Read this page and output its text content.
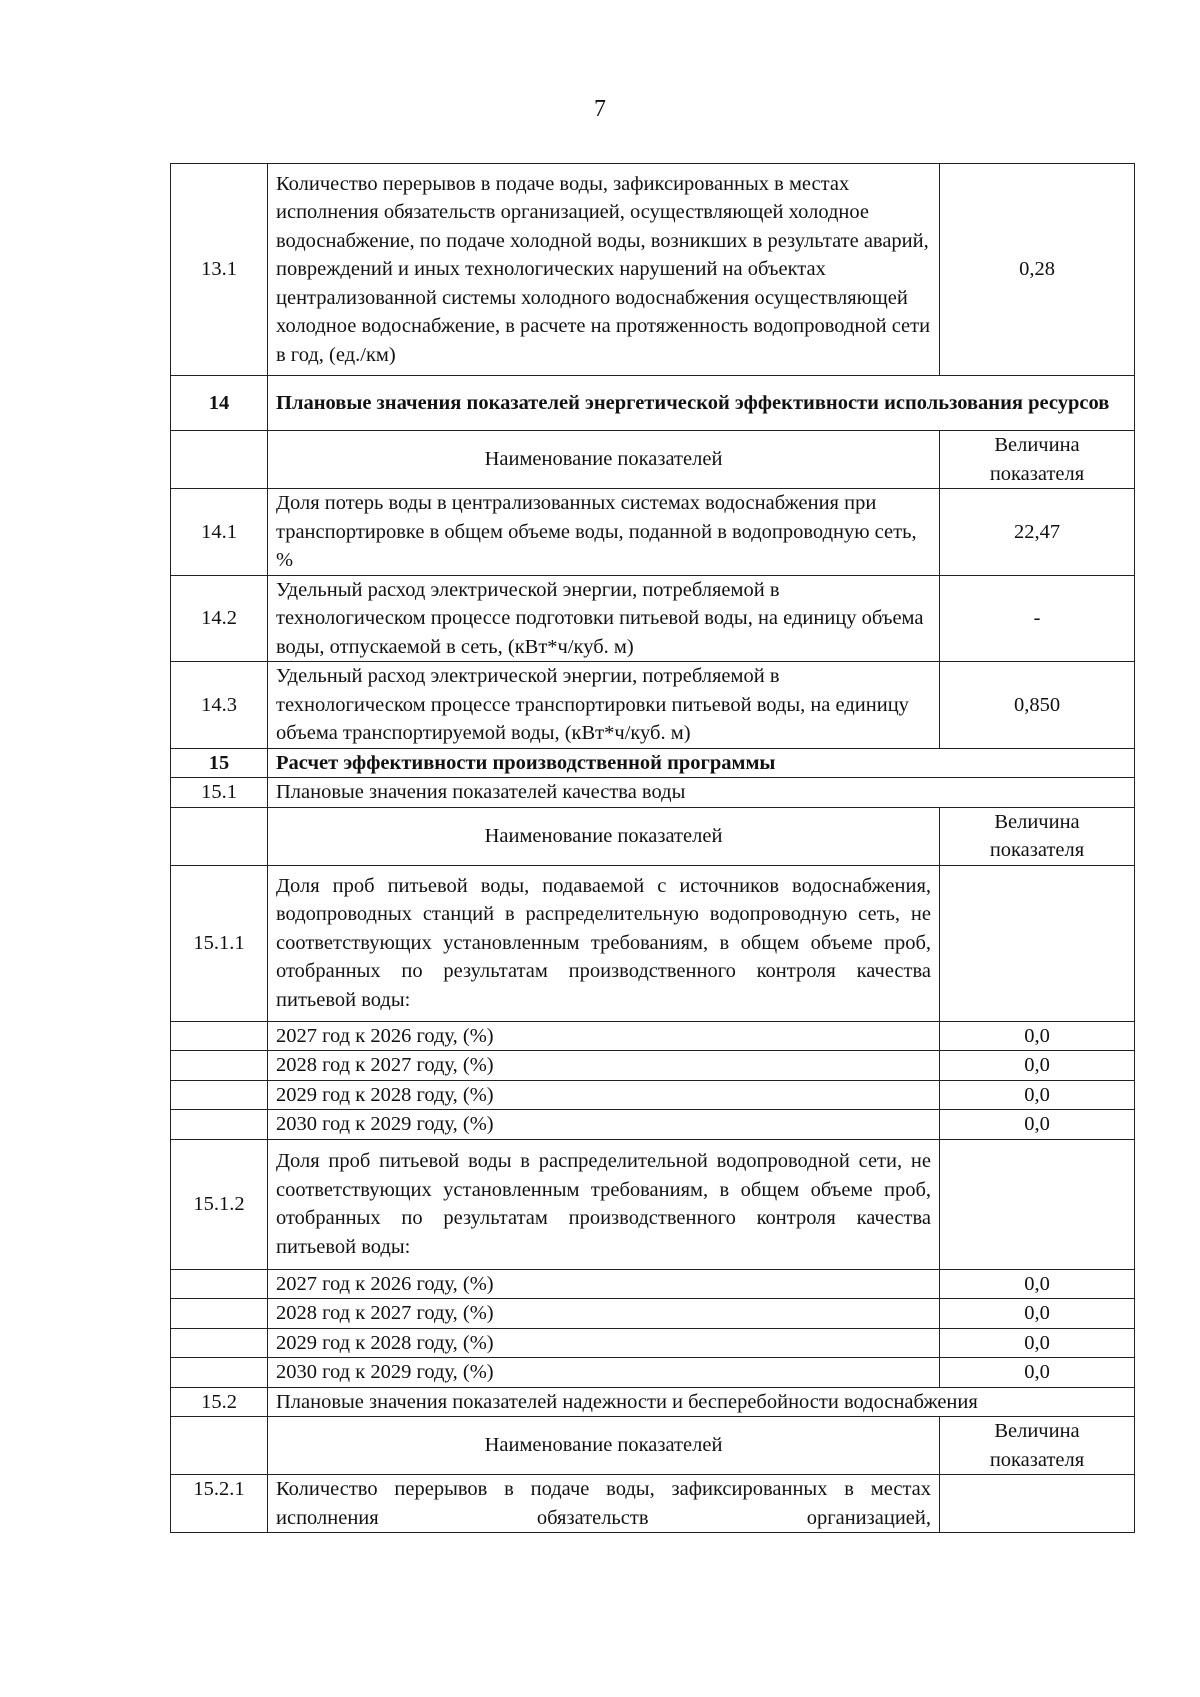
7
13.1	Количество перерывов в подаче воды, зафиксированных в местах исполнения обязательств организацией, осуществляющей холодное водоснабжение, по подаче холодной воды, возникших в результате аварий, повреждений и иных технологических нарушений на объектах централизованной системы холодного водоснабжения осуществляющей холодное водоснабжение, в расчете на протяженность водопроводной сети в год, (ед./км)	0,28
14	Плановые значения показателей энергетической эффективности использования ресурсов	
	Наименование показателей	Величина показателя
14.1	Доля потерь воды в централизованных системах водоснабжения при транспортировке в общем объеме воды, поданной в водопроводную сеть, %	22,47
14.2	Удельный расход электрической энергии, потребляемой в технологическом процессе подготовки питьевой воды, на единицу объема воды, отпускаемой в сеть, (кВт*ч/куб. м)	-
14.3	Удельный расход электрической энергии, потребляемой в технологическом процессе транспортировки питьевой воды, на единицу объема транспортируемой воды, (кВт*ч/куб. м)	0,850
15	Расчет эффективности производственной программы	
15.1	Плановые значения показателей качества воды	
	Наименование показателей	Величина показателя
15.1.1	Доля проб питьевой воды, подаваемой с источников водоснабжения, водопроводных станций в распределительную водопроводную сеть, не соответствующих установленным требованиям, в общем объеме проб, отобранных по результатам производственного контроля качества питьевой воды:	
	2027 год к 2026 году, (%)	0,0
	2028 год к 2027 году, (%)	0,0
	2029 год к 2028 году, (%)	0,0
	2030 год к 2029 году, (%)	0,0
15.1.2	Доля проб питьевой воды в распределительной водопроводной сети, не соответствующих установленным требованиям, в общем объеме проб, отобранных по результатам производственного контроля качества питьевой воды:	
	2027 год к 2026 году, (%)	0,0
	2028 год к 2027 году, (%)	0,0
	2029 год к 2028 году, (%)	0,0
	2030 год к 2029 году, (%)	0,0
15.2	Плановые значения показателей надежности и бесперебойности водоснабжения	
	Наименование показателей	Величина показателя
15.2.1	Количество перерывов в подаче воды, зафиксированных в местах исполнения обязательств организацией,	
